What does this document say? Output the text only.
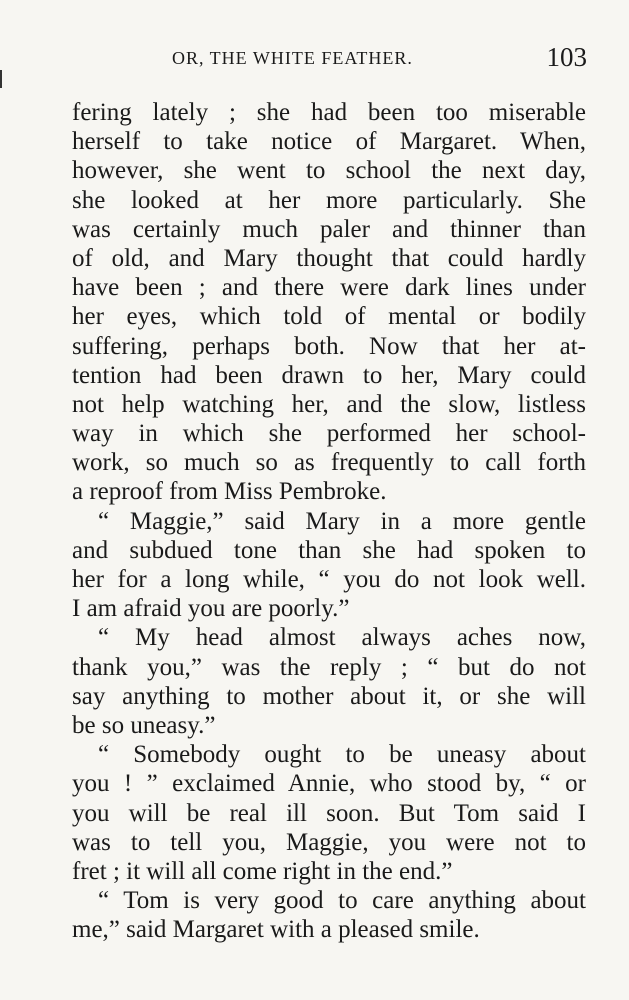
OR, THE WHITE FEATHER.	103
fering lately ; she had been too miserable
herself to take notice of Margaret. When,
however, she went to school the next day,
she looked at her more particularly. She
was certainly much paler and thinner than
of old, and Mary thought that could hardly
have been ; and there were dark lines under
her eyes, which told of mental or bodily
suffering, perhaps both. Now that her at-
tention had been drawn to her, Mary could
not help watching her, and the slow, listless
way in which she performed her school-
work, so much so as frequently to call forth
a reproof from Miss Pembroke.
“ Maggie,” said Mary in a more gentle
and subdued tone than she had spoken to
her for a long while, “ you do not look well.
I am afraid you are poorly.”
“ My head almost always aches now,
thank you,” was the reply ; “ but do not
say anything to mother about it, or she will
be so uneasy.”
“ Somebody ought to be uneasy about
you ! ” exclaimed Annie, who stood by, “ or
you will be real ill soon. But Tom said I
was to tell you, Maggie, you were not to
fret ; it will all come right in the end.”
“ Tom is very good to care anything about
me,” said Margaret with a pleased smile.
